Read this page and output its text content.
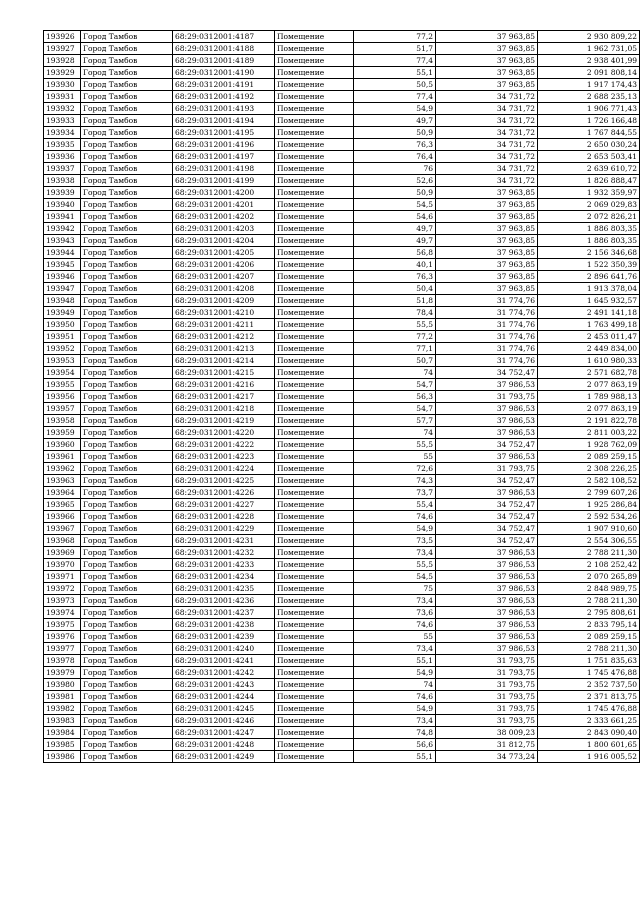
193926	Город Тамбов	68:29:0312001:4187	Помещение	77,2	37 963,85	2 930 809,22
193927	Город Тамбов	68:29:0312001:4188	Помещение	51,7	37 963,85	1 962 731,05
193928	Город Тамбов	68:29:0312001:4189	Помещение	77,4	37 963,85	2 938 401,99
193929	Город Тамбов	68:29:0312001:4190	Помещение	55,1	37 963,85	2 091 808,14
193930	Город Тамбов	68:29:0312001:4191	Помещение	50,5	37 963,85	1 917 174,43
193931	Город Тамбов	68:29:0312001:4192	Помещение	77,4	34 731,72	2 688 235,13
193932	Город Тамбов	68:29:0312001:4193	Помещение	54,9	34 731,72	1 906 771,43
193933	Город Тамбов	68:29:0312001:4194	Помещение	49,7	34 731,72	1 726 166,48
193934	Город Тамбов	68:29:0312001:4195	Помещение	50,9	34 731,72	1 767 844,55
193935	Город Тамбов	68:29:0312001:4196	Помещение	76,3	34 731,72	2 650 030,24
193936	Город Тамбов	68:29:0312001:4197	Помещение	76,4	34 731,72	2 653 503,41
193937	Город Тамбов	68:29:0312001:4198	Помещение	76	34 731,72	2 639 610,72
193938	Город Тамбов	68:29:0312001:4199	Помещение	52,6	34 731,72	1 826 888,47
193939	Город Тамбов	68:29:0312001:4200	Помещение	50,9	37 963,85	1 932 359,97
193940	Город Тамбов	68:29:0312001:4201	Помещение	54,5	37 963,85	2 069 029,83
193941	Город Тамбов	68:29:0312001:4202	Помещение	54,6	37 963,85	2 072 826,21
193942	Город Тамбов	68:29:0312001:4203	Помещение	49,7	37 963,85	1 886 803,35
193943	Город Тамбов	68:29:0312001:4204	Помещение	49,7	37 963,85	1 886 803,35
193944	Город Тамбов	68:29:0312001:4205	Помещение	56,8	37 963,85	2 156 346,68
193945	Город Тамбов	68:29:0312001:4206	Помещение	40,1	37 963,85	1 522 350,39
193946	Город Тамбов	68:29:0312001:4207	Помещение	76,3	37 963,85	2 896 641,76
193947	Город Тамбов	68:29:0312001:4208	Помещение	50,4	37 963,85	1 913 378,04
193948	Город Тамбов	68:29:0312001:4209	Помещение	51,8	31 774,76	1 645 932,57
193949	Город Тамбов	68:29:0312001:4210	Помещение	78,4	31 774,76	2 491 141,18
193950	Город Тамбов	68:29:0312001:4211	Помещение	55,5	31 774,76	1 763 499,18
193951	Город Тамбов	68:29:0312001:4212	Помещение	77,2	31 774,76	2 453 011,47
193952	Город Тамбов	68:29:0312001:4213	Помещение	77,1	31 774,76	2 449 834,00
193953	Город Тамбов	68:29:0312001:4214	Помещение	50,7	31 774,76	1 610 980,33
193954	Город Тамбов	68:29:0312001:4215	Помещение	74	34 752,47	2 571 682,78
193955	Город Тамбов	68:29:0312001:4216	Помещение	54,7	37 986,53	2 077 863,19
193956	Город Тамбов	68:29:0312001:4217	Помещение	56,3	31 793,75	1 789 988,13
193957	Город Тамбов	68:29:0312001:4218	Помещение	54,7	37 986,53	2 077 863,19
193958	Город Тамбов	68:29:0312001:4219	Помещение	57,7	37 986,53	2 191 822,78
193959	Город Тамбов	68:29:0312001:4220	Помещение	74	37 986,53	2 811 003,22
193960	Город Тамбов	68:29:0312001:4222	Помещение	55,5	34 752,47	1 928 762,09
193961	Город Тамбов	68:29:0312001:4223	Помещение	55	37 986,53	2 089 259,15
193962	Город Тамбов	68:29:0312001:4224	Помещение	72,6	31 793,75	2 308 226,25
193963	Город Тамбов	68:29:0312001:4225	Помещение	74,3	34 752,47	2 582 108,52
193964	Город Тамбов	68:29:0312001:4226	Помещение	73,7	37 986,53	2 799 607,26
193965	Город Тамбов	68:29:0312001:4227	Помещение	55,4	34 752,47	1 925 286,84
193966	Город Тамбов	68:29:0312001:4228	Помещение	74,6	34 752,47	2 592 534,26
193967	Город Тамбов	68:29:0312001:4229	Помещение	54,9	34 752,47	1 907 910,60
193968	Город Тамбов	68:29:0312001:4231	Помещение	73,5	34 752,47	2 554 306,55
193969	Город Тамбов	68:29:0312001:4232	Помещение	73,4	37 986,53	2 788 211,30
193970	Город Тамбов	68:29:0312001:4233	Помещение	55,5	37 986,53	2 108 252,42
193971	Город Тамбов	68:29:0312001:4234	Помещение	54,5	37 986,53	2 070 265,89
193972	Город Тамбов	68:29:0312001:4235	Помещение	75	37 986,53	2 848 989,75
193973	Город Тамбов	68:29:0312001:4236	Помещение	73,4	37 986,53	2 788 211,30
193974	Город Тамбов	68:29:0312001:4237	Помещение	73,6	37 986,53	2 795 808,61
193975	Город Тамбов	68:29:0312001:4238	Помещение	74,6	37 986,53	2 833 795,14
193976	Город Тамбов	68:29:0312001:4239	Помещение	55	37 986,53	2 089 259,15
193977	Город Тамбов	68:29:0312001:4240	Помещение	73,4	37 986,53	2 788 211,30
193978	Город Тамбов	68:29:0312001:4241	Помещение	55,1	31 793,75	1 751 835,63
193979	Город Тамбов	68:29:0312001:4242	Помещение	54,9	31 793,75	1 745 476,88
193980	Город Тамбов	68:29:0312001:4243	Помещение	74	31 793,75	2 352 737,50
193981	Город Тамбов	68:29:0312001:4244	Помещение	74,6	31 793,75	2 371 813,75
193982	Город Тамбов	68:29:0312001:4245	Помещение	54,9	31 793,75	1 745 476,88
193983	Город Тамбов	68:29:0312001:4246	Помещение	73,4	31 793,75	2 333 661,25
193984	Город Тамбов	68:29:0312001:4247	Помещение	74,8	38 009,23	2 843 090,40
193985	Город Тамбов	68:29:0312001:4248	Помещение	56,6	31 812,75	1 800 601,65
193986	Город Тамбов	68:29:0312001:4249	Помещение	55,1	34 773,24	1 916 005,52
